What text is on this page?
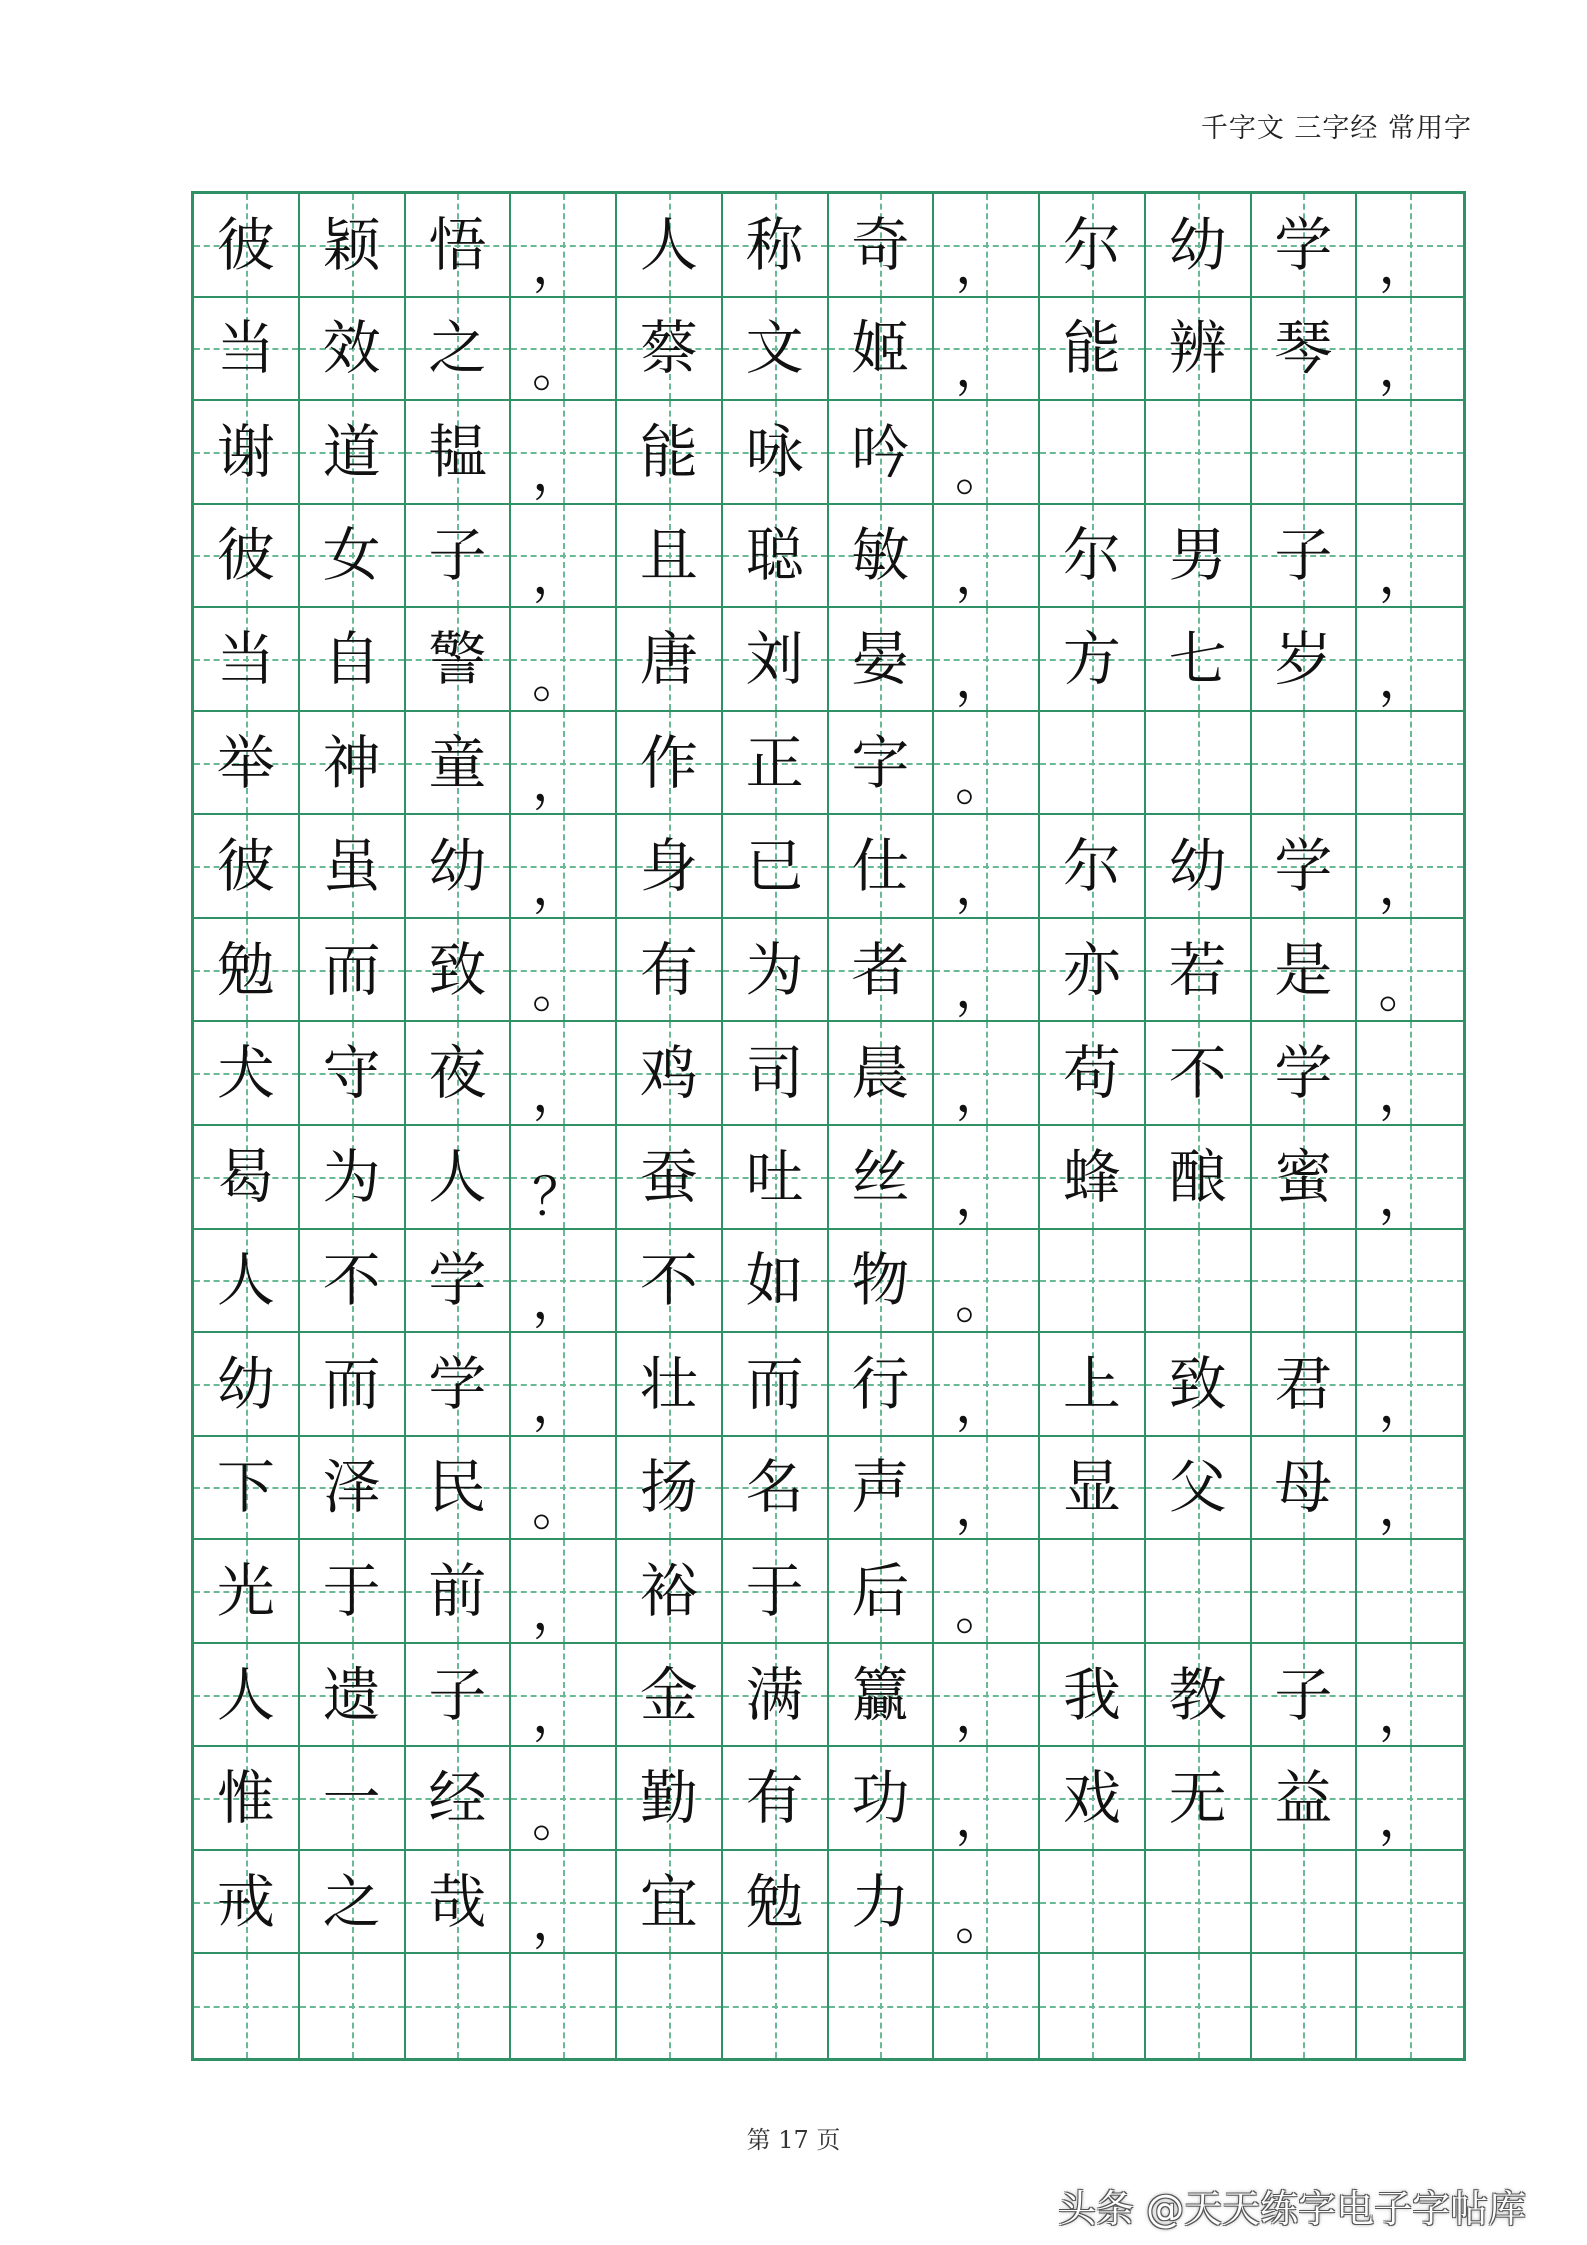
千字文 三字经 常用字
彼 颖 悟 ， 人 称 奇 ， 尔 幼 学 ，
当 效 之 。 蔡 文 姬 ， 能 辨 琴 ，
谢 道 韫 ， 能 咏 吟 。
彼 女 子 ， 且 聪 敏 ， 尔 男 子 ，
当 自 警 。 唐 刘 晏 ， 方 七 岁 ，
举 神 童 ， 作 正 字 。
彼 虽 幼 ， 身 已 仕 ， 尔 幼 学 ，
勉 而 致 。 有 为 者 ， 亦 若 是 。
犬 守 夜 ， 鸡 司 晨 ， 苟 不 学 ，
曷 为 人 ？ 蚕 吐 丝 ， 蜂 酿 蜜 ，
人 不 学 ， 不 如 物 。
幼 而 学 ， 壮 而 行 ， 上 致 君 ，
下 泽 民 。 扬 名 声 ， 显 父 母 ，
光 于 前 ， 裕 于 后 。
人 遗 子 ， 金 满 籯 ， 我 教 子 ，
惟 一 经 。 勤 有 功 ， 戏 无 益 ，
戒 之 哉 ， 宜 勉 力 。
第 17 页
头条 @天天练字电子字帖库
